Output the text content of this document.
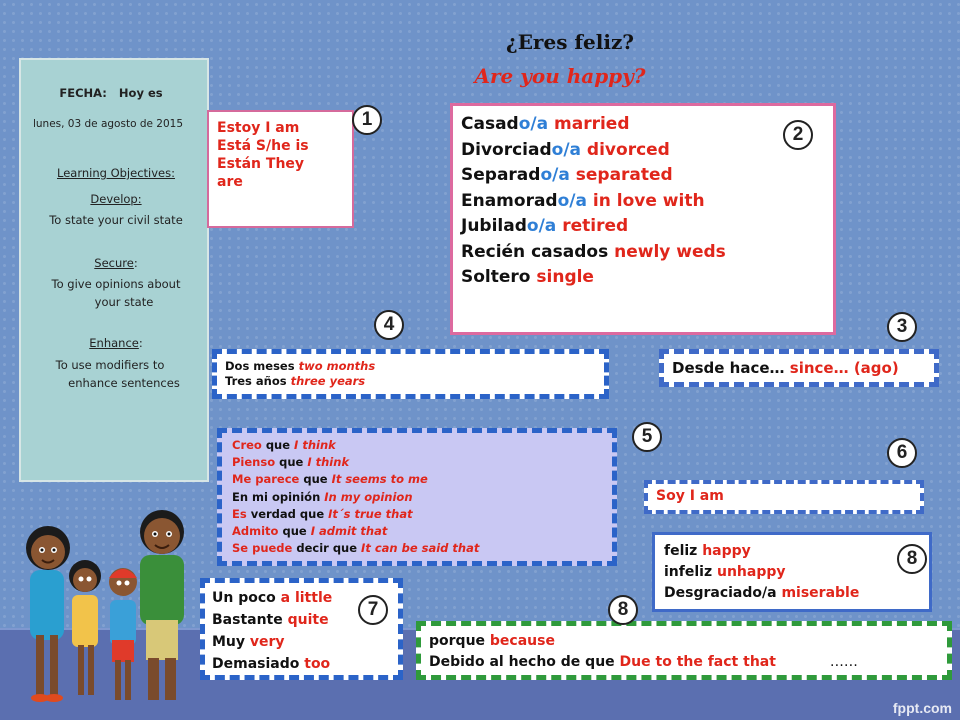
¿Eres feliz?
Are you happy?
FECHA: Hoy es
lunes, 03 de agosto de 2015
Learning Objectives:
Develop:
To state your civil state
Secure:
To give opinions about
your state
Enhance:
To use modifiers to
enhance sentences
Estoy I am
Está S/he is
Están They
are
Casado/a married
Divorciado/a divorced
Separado/a separated
Enamorado/a in love with
Jubilado/a retired
Recién casados newly weds
Soltero single
Dos meses two months
Tres años three years
Desde hace… since… (ago)
Creo que I think
Pienso que I think
Me parece que It seems to me
En mi opinión In my opinion
Es verdad que It´s true that
Admito que I admit that
Se puede decir que It can be said that
Soy I am
feliz happy
infeliz unhappy
Desgraciado/a miserable
Un poco a little
Bastante quite
Muy very
Demasiado too
porque because
Debido al hecho de que Due to the fact that	……
1
2
3
4
5
6
7
8
8
fppt.com
